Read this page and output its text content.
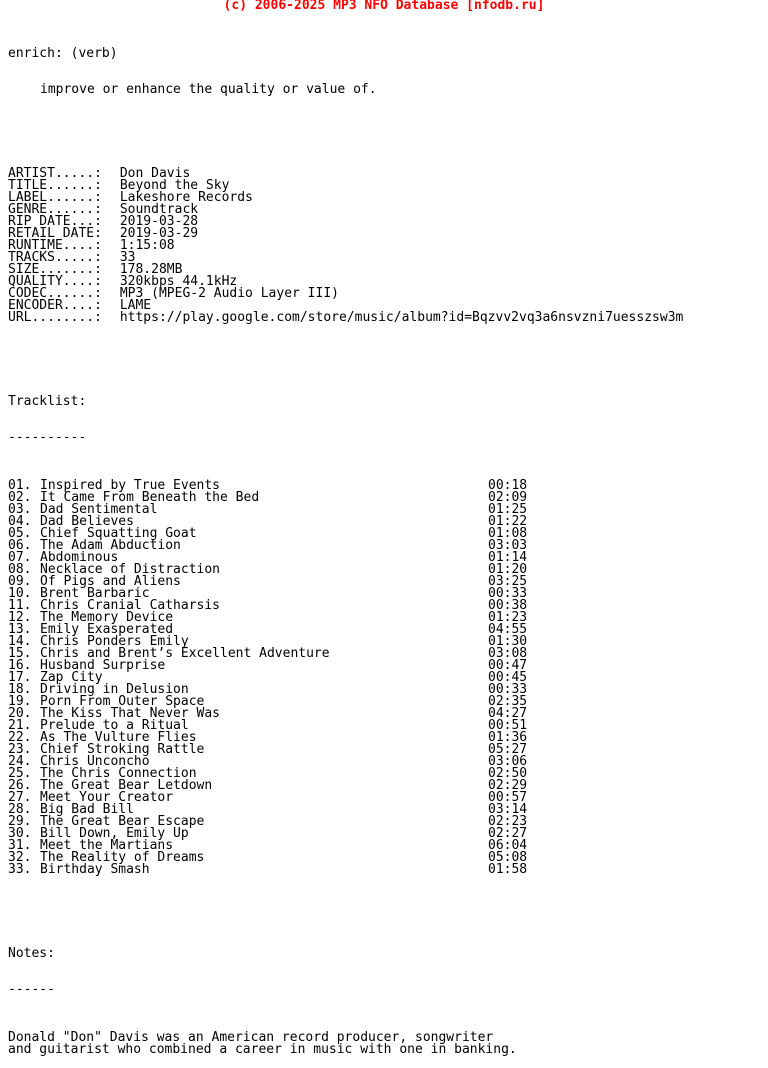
(c) 2006-2025 MP3 NFO Database [nfodb.ru]

enrich: (verb)

improve or enhance the quality or value of.

ARTIST.....: Don Davis
TITLE......: Beyond the Sky
LABEL......: Lakeshore Records
GENRE......: Soundtrack
RIP DATE...: 2019-03-28
RETAIL DATE: 2019-03-29
RUNTIME....: 1:15:08
TRACKS.....: 33
SIZE.......: 178.28MB
QUALITY....: 320kbps 44.1kHz
CODEC......: MP3 (MPEG-2 Audio Layer III)
ENCODER....: LAME
URL........: https://play.google.com/store/music/album?id=Bqzvv2vq3a6nsvzni7uesszsw3m

Tracklist:

----------

01. Inspired by True Events	00:18
02. It Came From Beneath the Bed	02:09
03. Dad Sentimental	01:25
04. Dad Believes	01:22
05. Chief Squatting Goat	01:08
06. The Adam Abduction	03:03
07. Abdominous	01:14
08. Necklace of Distraction	01:20
09. Of Pigs and Aliens	03:25
10. Brent Barbaric	00:33
11. Chris Cranial Catharsis	00:38
12. The Memory Device	01:23
13. Emily Exasperated	04:55
14. Chris Ponders Emily	01:30
15. Chris and Brent’s Excellent Adventure	03:08
16. Husband Surprise	00:47
17. Zap City	00:45
18. Driving in Delusion	00:33
19. Porn From Outer Space	02:35
20. The Kiss That Never Was	04:27
21. Prelude to a Ritual	00:51
22. As The Vulture Flies	01:36
23. Chief Stroking Rattle	05:27
24. Chris Unconcho	03:06
25. The Chris Connection	02:50
26. The Great Bear Letdown	02:29
27. Meet Your Creator	00:57
28. Big Bad Bill	03:14
29. The Great Bear Escape	02:23
30. Bill Down, Emily Up	02:27
31. Meet the Martians	06:04
32. The Reality of Dreams	05:08
33. Birthday Smash	01:58

Notes:

------

Donald "Don" Davis was an American record producer, songwriter
and guitarist who combined a career in music with one in banking.
